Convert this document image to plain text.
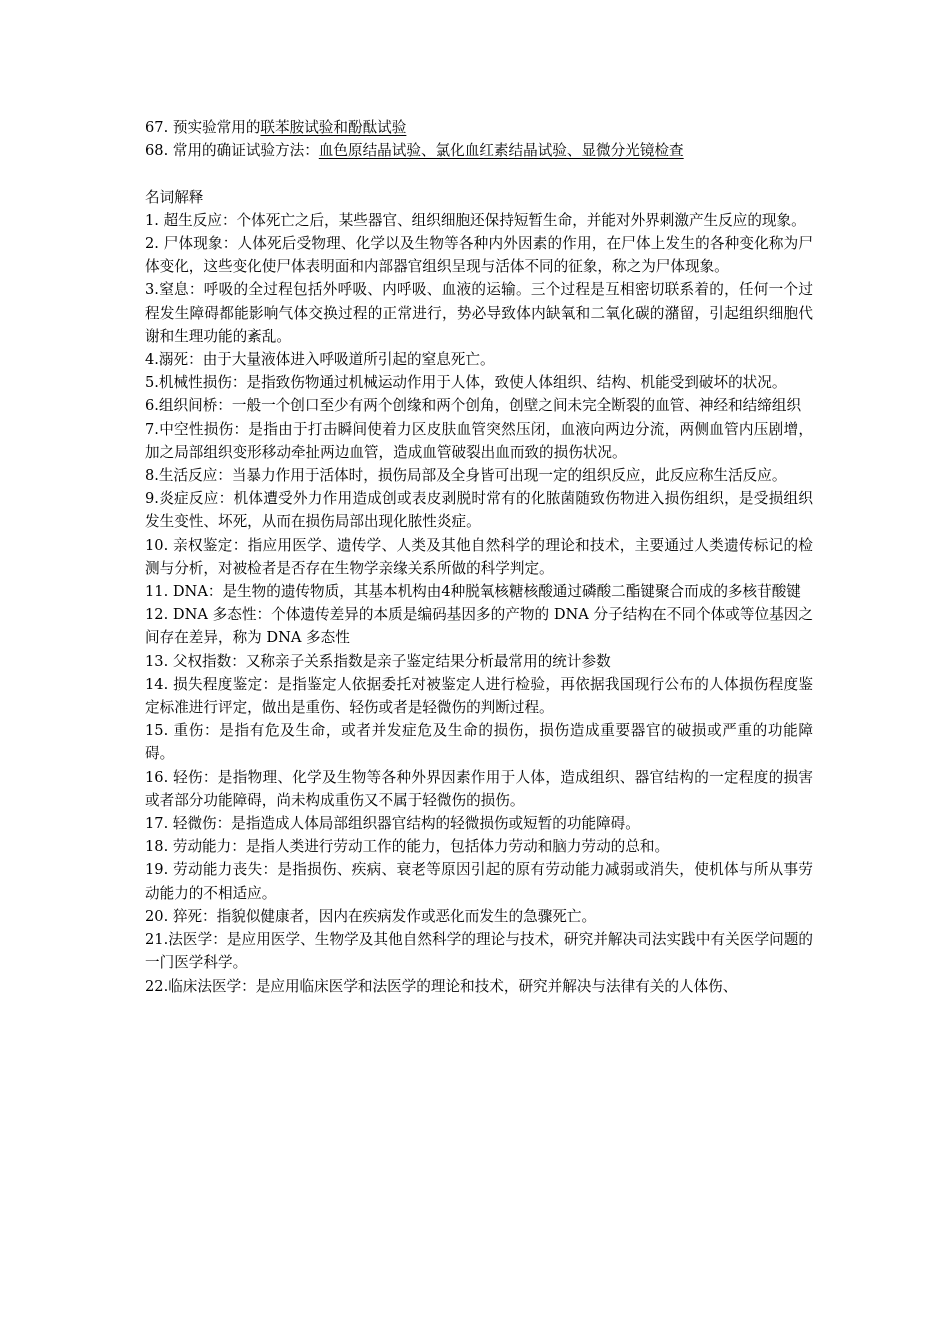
67. 预实验常用的联苯胺试验和酚酞试验

68. 常用的确证试验方法：血色原结晶试验、氯化血红素结晶试验、显微分光镜检查

名词解释

1. 超生反应：个体死亡之后，某些器官、组织细胞还保持短暂生命，并能对外界刺激产生反应的现象。

2. 尸体现象：人体死后受物理、化学以及生物等各种内外因素的作用，在尸体上发生的各种变化称为尸体变化，这些变化使尸体表明面和内部器官组织呈现与活体不同的征象，称之为尸体现象。

3.窒息：呼吸的全过程包括外呼吸、内呼吸、血液的运输。三个过程是互相密切联系着的，任何一个过程发生障碍都能影响气体交换过程的正常进行，势必导致体内缺氧和二氧化碳的潴留，引起组织细胞代谢和生理功能的紊乱。

4.溺死：由于大量液体进入呼吸道所引起的窒息死亡。

5.机械性损伤：是指致伤物通过机械运动作用于人体，致使人体组织、结构、机能受到破坏的状况。

6.组织间桥：一般一个创口至少有两个创缘和两个创角，创壁之间未完全断裂的血管、神经和结缔组织

7.中空性损伤：是指由于打击瞬间使着力区皮肤血管突然压闭，血液向两边分流，两侧血管内压剧增，加之局部组织变形移动牵扯两边血管，造成血管破裂出血而致的损伤状况。

8.生活反应：当暴力作用于活体时，损伤局部及全身皆可出现一定的组织反应，此反应称生活反应。

9.炎症反应：机体遭受外力作用造成创或表皮剥脱时常有的化脓菌随致伤物进入损伤组织，是受损组织发生变性、坏死，从而在损伤局部出现化脓性炎症。

10. 亲权鉴定：指应用医学、遗传学、人类及其他自然科学的理论和技术，主要通过人类遗传标记的检测与分析，对被检者是否存在生物学亲缘关系所做的科学判定。

11. DNA：是生物的遗传物质，其基本机构由4种脱氧核糖核酸通过磷酸二酯键聚合而成的多核苷酸键

12. DNA 多态性：个体遗传差异的本质是编码基因多的产物的 DNA 分子结构在不同个体或等位基因之间存在差异，称为 DNA 多态性

13. 父权指数：又称亲子关系指数是亲子鉴定结果分析最常用的统计参数

14. 损失程度鉴定：是指鉴定人依据委托对被鉴定人进行检验，再依据我国现行公布的人体损伤程度鉴定标准进行评定，做出是重伤、轻伤或者是轻微伤的判断过程。

15. 重伤：是指有危及生命，或者并发症危及生命的损伤，损伤造成重要器官的破损或严重的功能障碍。

16. 轻伤：是指物理、化学及生物等各种外界因素作用于人体，造成组织、器官结构的一定程度的损害或者部分功能障碍，尚未构成重伤又不属于轻微伤的损伤。

17. 轻微伤：是指造成人体局部组织器官结构的轻微损伤或短暂的功能障碍。

18. 劳动能力：是指人类进行劳动工作的能力，包括体力劳动和脑力劳动的总和。

19. 劳动能力丧失：是指损伤、疾病、衰老等原因引起的原有劳动能力减弱或消失，使机体与所从事劳动能力的不相适应。

20. 猝死：指貌似健康者，因内在疾病发作或恶化而发生的急骤死亡。

21.法医学：是应用医学、生物学及其他自然科学的理论与技术，研究并解决司法实践中有关医学问题的一门医学科学。

22.临床法医学：是应用临床医学和法医学的理论和技术，研究并解决与法律有关的人体伤、
